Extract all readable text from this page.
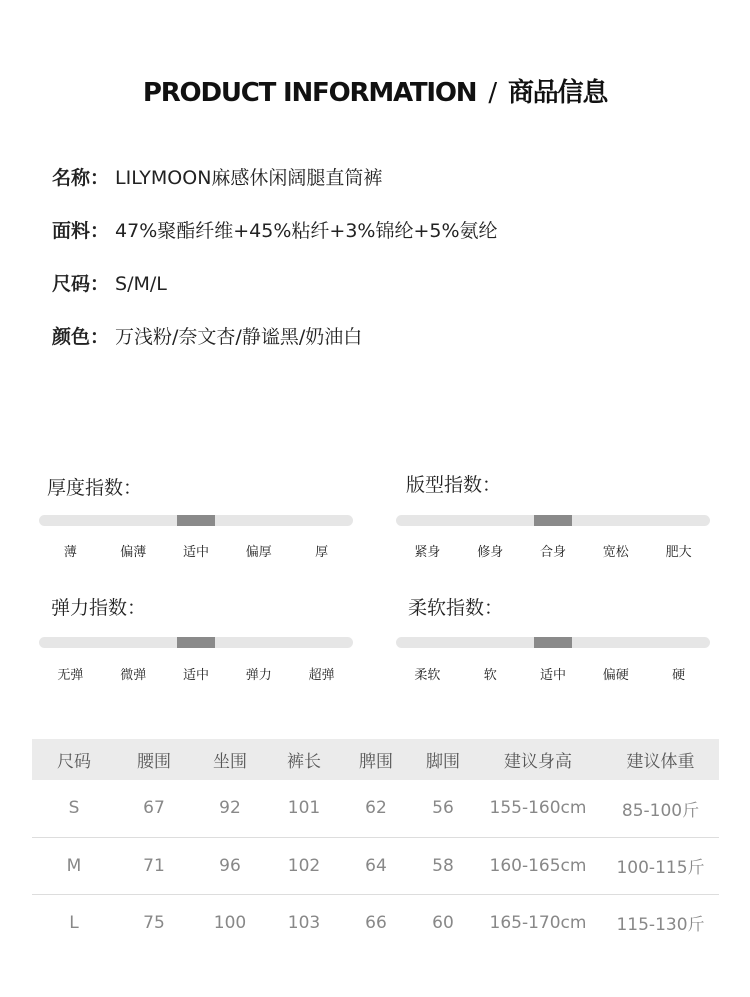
PRODUCT INFORMATION / 商品信息
名称： LILYMOON麻感休闲阔腿直筒裤
面料： 47%聚酯纤维+45%粘纤+3%锦纶+5%氨纶
尺码： S/M/L
颜色： 万浅粉/奈文杏/静谧黑/奶油白
厚度指数：
薄	偏薄	适中	偏厚	厚
版型指数：
紧身	修身	合身	宽松	肥大
弹力指数：
无弹	微弹	适中	弹力	超弹
柔软指数：
柔软	软	适中	偏硬	硬
尺码	腰围	坐围	裤长	脾围	脚围	建议身高	建议体重
S	67	92	101	62	56	155-160cm	85-100斤
M	71	96	102	64	58	160-165cm	100-115斤
L	75	100	103	66	60	165-170cm	115-130斤
